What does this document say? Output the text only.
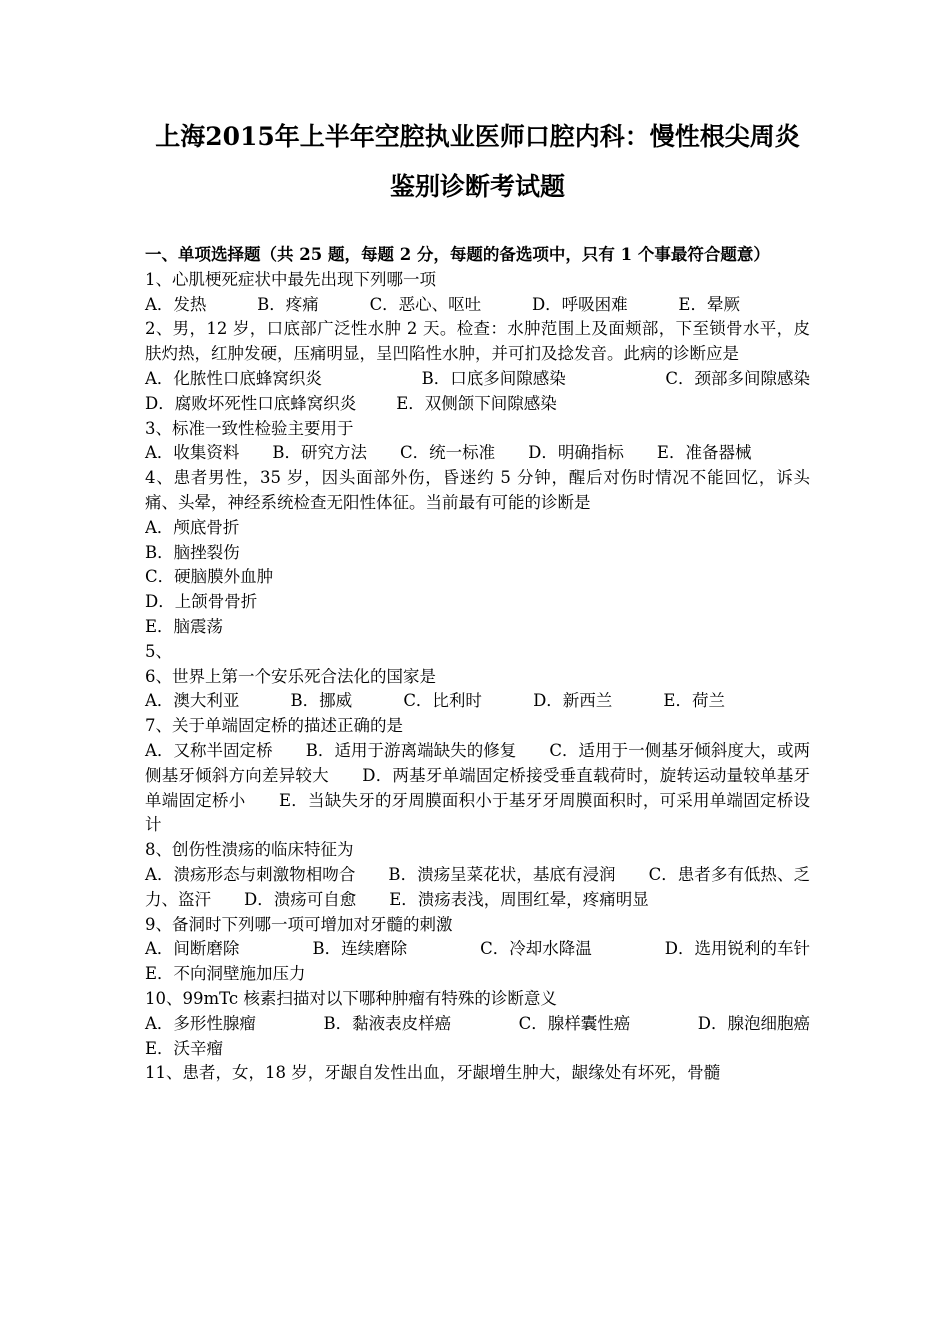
上海2015年上半年空腔执业医师口腔内科：慢性根尖周炎
鉴别诊断考试题
一、单项选择题（共 25 题，每题 2 分，每题的备选项中，只有 1 个事最符合题意）
1、心肌梗死症状中最先出现下列哪一项
A．发热	B．疼痛	C．恶心、呕吐	D．呼吸困难	E．晕厥
2、男，12 岁，口底部广泛性水肿 2 天。检查：水肿范围上及面颊部，下至锁骨水平，皮肤灼热，红肿发硬，压痛明显，呈凹陷性水肿，并可扪及捻发音。此病的诊断应是
A．化脓性口底蜂窝织炎	B．口底多间隙感染	C．颈部多间隙感染
D．腐败坏死性口底蜂窝织炎 E．双侧颌下间隙感染
3、标准一致性检验主要用于
A．收集资料　　B．研究方法　　C．统一标准　　D．明确指标　　E．准备器械
4、患者男性，35 岁，因头面部外伤，昏迷约 5 分钟，醒后对伤时情况不能回忆，诉头痛、头晕，神经系统检查无阳性体征。当前最有可能的诊断是
A．颅底骨折
B．脑挫裂伤
C．硬脑膜外血肿
D．上颌骨骨折
E．脑震荡
5、
6、世界上第一个安乐死合法化的国家是
A．澳大利亚	B．挪威	C．比利时	D．新西兰	E．荷兰
7、关于单端固定桥的描述正确的是
A．又称半固定桥　　B．适用于游离端缺失的修复　　C．适用于一侧基牙倾斜度大，或两侧基牙倾斜方向差异较大　　D．两基牙单端固定桥接受垂直载荷时，旋转运动量较单基牙单端固定桥小　　E．当缺失牙的牙周膜面积小于基牙牙周膜面积时，可采用单端固定桥设计
8、创伤性溃疡的临床特征为
A．溃疡形态与刺激物相吻合　　B．溃疡呈菜花状，基底有浸润　　C．患者多有低热、乏力、盗汗　　D．溃疡可自愈　　E．溃疡表浅，周围红晕，疼痛明显
9、备洞时下列哪一项可增加对牙髓的刺激
A．间断磨除	B．连续磨除	C．冷却水降温	D．选用锐利的车针
E．不向洞壁施加压力
10、99mTc 核素扫描对以下哪种肿瘤有特殊的诊断意义
A．多形性腺瘤	B．黏液表皮样癌	C．腺样囊性癌	D．腺泡细胞癌
E．沃辛瘤
11、患者，女，18 岁，牙龈自发性出血，牙龈增生肿大，龈缘处有坏死，骨髓
